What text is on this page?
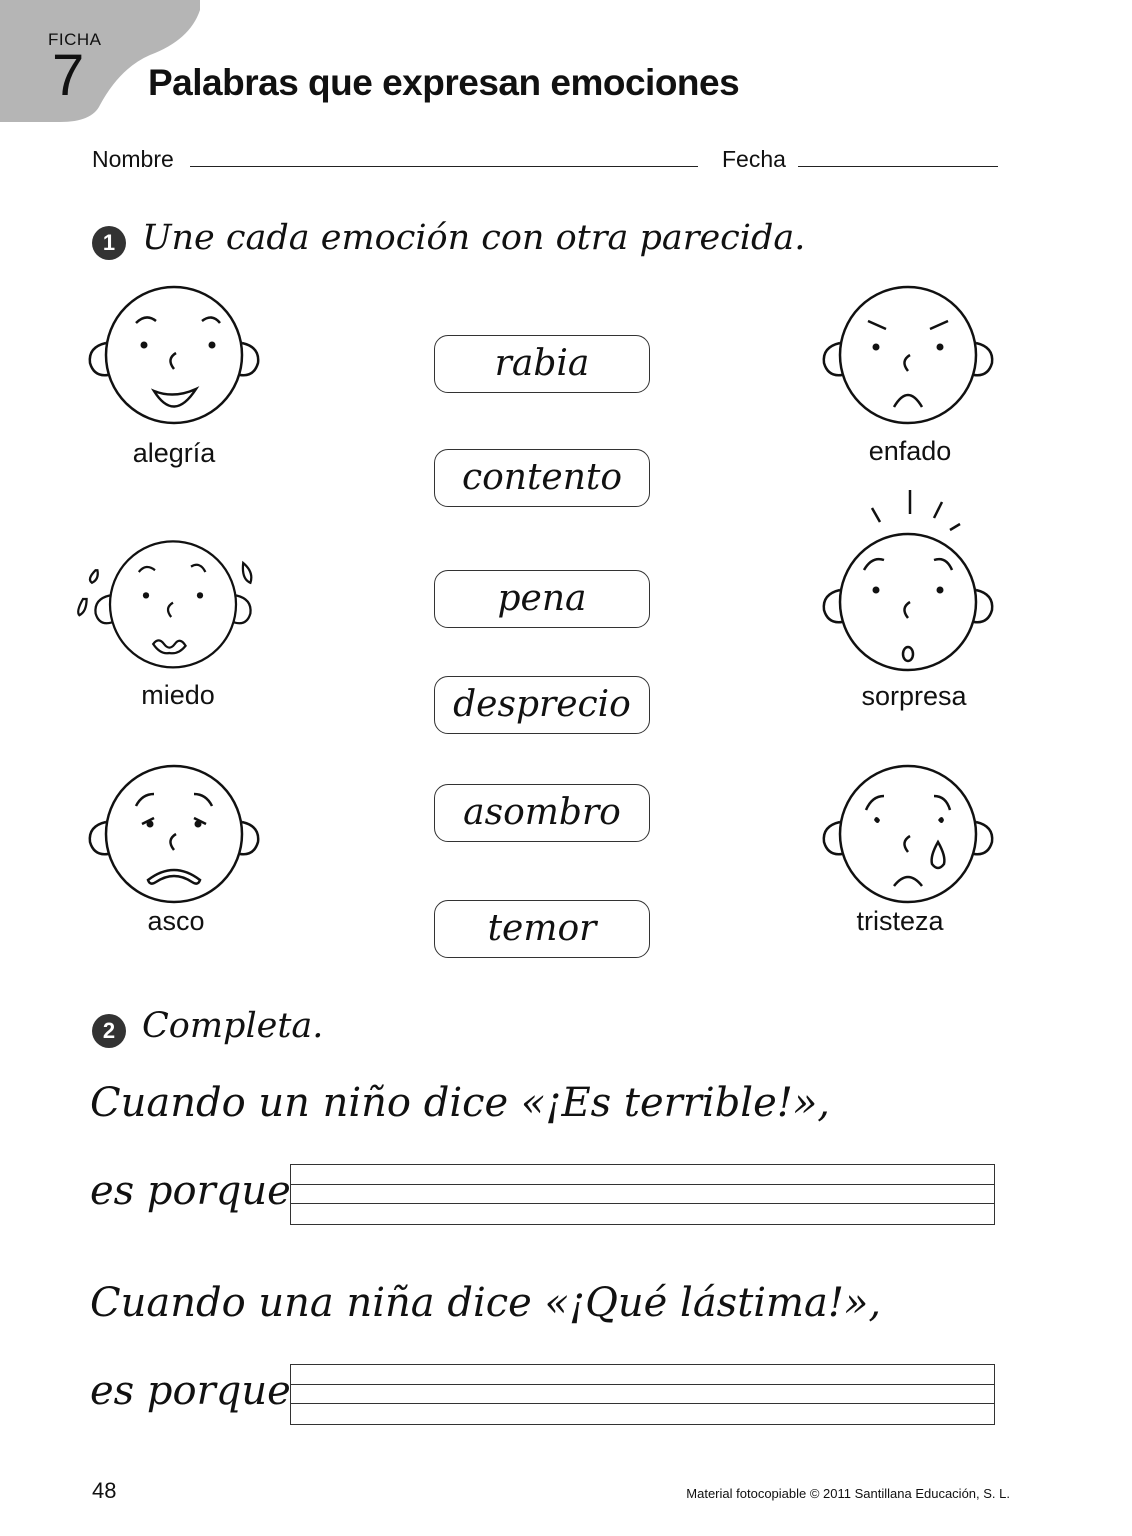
FICHA
7 Palabras que expresan emociones
Nombre	Fecha
1 Une cada emoción con otra parecida.
alegría
miedo
asco
rabia
contento
pena
desprecio
asombro
temor
enfado
sorpresa
tristeza
2 Completa.
Cuando un niño dice «¡Es terrible!»,
es porque
Cuando una niña dice «¡Qué lástima!»,
es porque
48	Material fotocopiable © 2011 Santillana Educación, S. L.
